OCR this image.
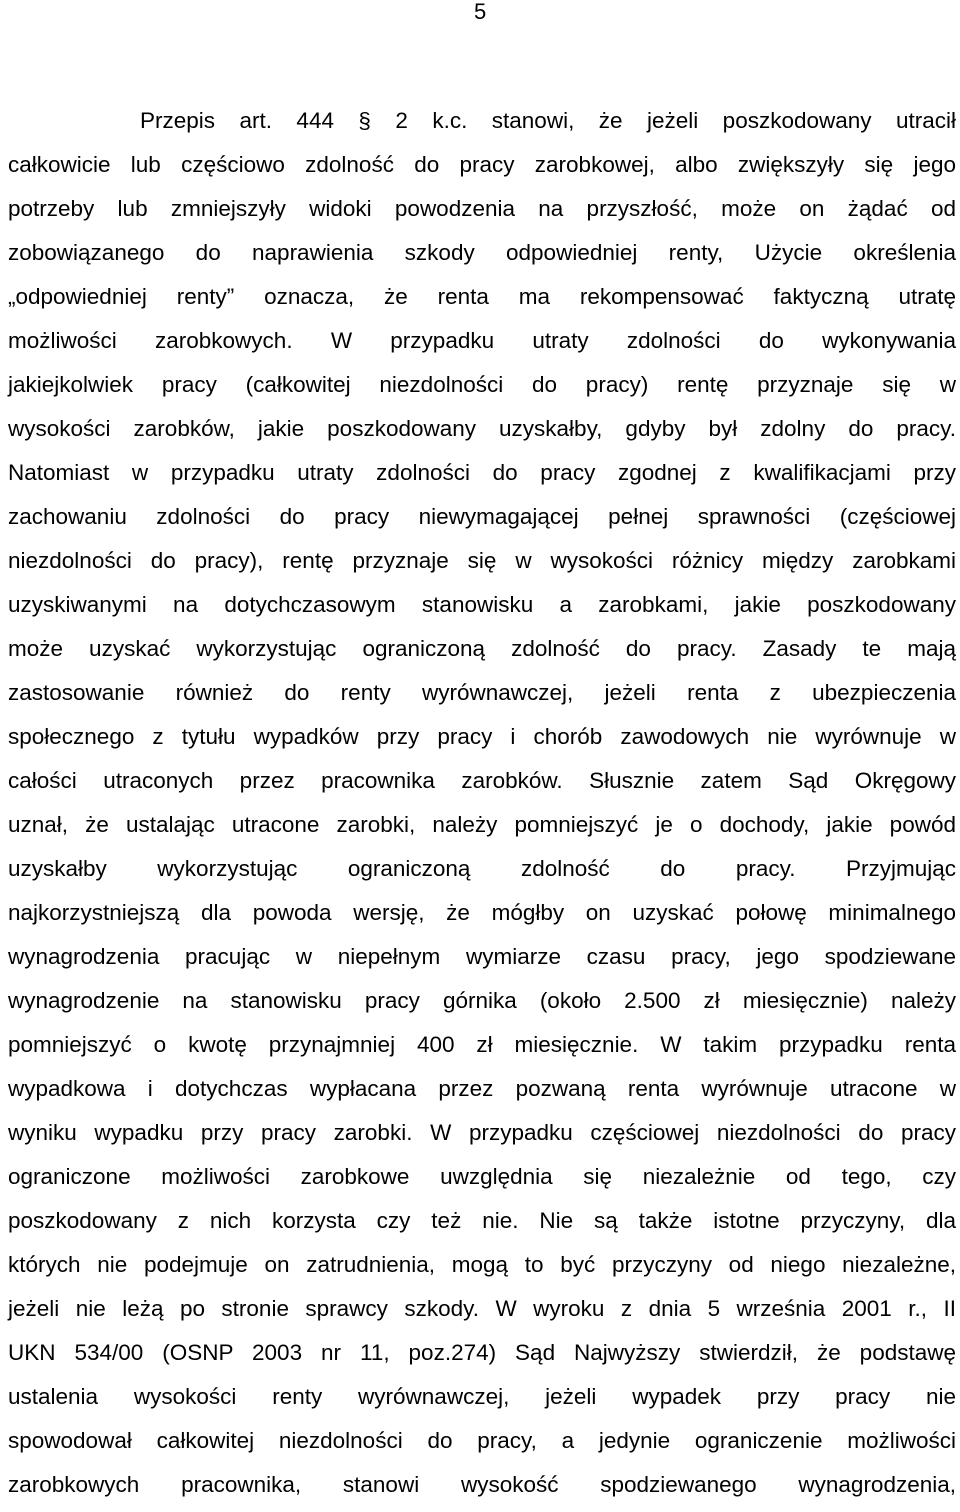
5
Przepis art. 444 § 2 k.c. stanowi, że jeżeli poszkodowany utracił
całkowicie lub częściowo zdolność do pracy zarobkowej, albo zwiększyły się jego
potrzeby lub zmniejszyły widoki powodzenia na przyszłość, może on żądać od
zobowiązanego do naprawienia szkody odpowiedniej renty, Użycie określenia
„odpowiedniej renty” oznacza, że renta ma rekompensować faktyczną utratę
możliwości zarobkowych. W przypadku utraty zdolności do wykonywania
jakiejkolwiek pracy (całkowitej niezdolności do pracy) rentę przyznaje się w
wysokości zarobków, jakie poszkodowany uzyskałby, gdyby był zdolny do pracy.
Natomiast w przypadku utraty zdolności do pracy zgodnej z kwalifikacjami przy
zachowaniu zdolności do pracy niewymagającej pełnej sprawności (częściowej
niezdolności do pracy), rentę przyznaje się w wysokości różnicy między zarobkami
uzyskiwanymi na dotychczasowym stanowisku a zarobkami, jakie poszkodowany
może uzyskać wykorzystując ograniczoną zdolność do pracy. Zasady te mają
zastosowanie również do renty wyrównawczej, jeżeli renta z ubezpieczenia
społecznego z tytułu wypadków przy pracy i chorób zawodowych nie wyrównuje w
całości utraconych przez pracownika zarobków. Słusznie zatem Sąd Okręgowy
uznał, że ustalając utracone zarobki, należy pomniejszyć je o dochody, jakie powód
uzyskałby wykorzystując ograniczoną zdolność do pracy. Przyjmując
najkorzystniejszą dla powoda wersję, że mógłby on uzyskać połowę minimalnego
wynagrodzenia pracując w niepełnym wymiarze czasu pracy, jego spodziewane
wynagrodzenie na stanowisku pracy górnika (około 2.500 zł miesięcznie) należy
pomniejszyć o kwotę przynajmniej 400 zł miesięcznie. W takim przypadku renta
wypadkowa i dotychczas wypłacana przez pozwaną renta wyrównuje utracone w
wyniku wypadku przy pracy zarobki. W przypadku częściowej niezdolności do pracy
ograniczone możliwości zarobkowe uwzględnia się niezależnie od tego, czy
poszkodowany z nich korzysta czy też nie. Nie są także istotne przyczyny, dla
których nie podejmuje on zatrudnienia, mogą to być przyczyny od niego niezależne,
jeżeli nie leżą po stronie sprawcy szkody. W wyroku z dnia 5 września 2001 r., II
UKN 534/00 (OSNP 2003 nr 11, poz.274) Sąd Najwyższy stwierdził, że podstawę
ustalenia wysokości renty wyrównawczej, jeżeli wypadek przy pracy nie
spowodował całkowitej niezdolności do pracy, a jedynie ograniczenie możliwości
zarobkowych pracownika, stanowi wysokość spodziewanego wynagrodzenia,
